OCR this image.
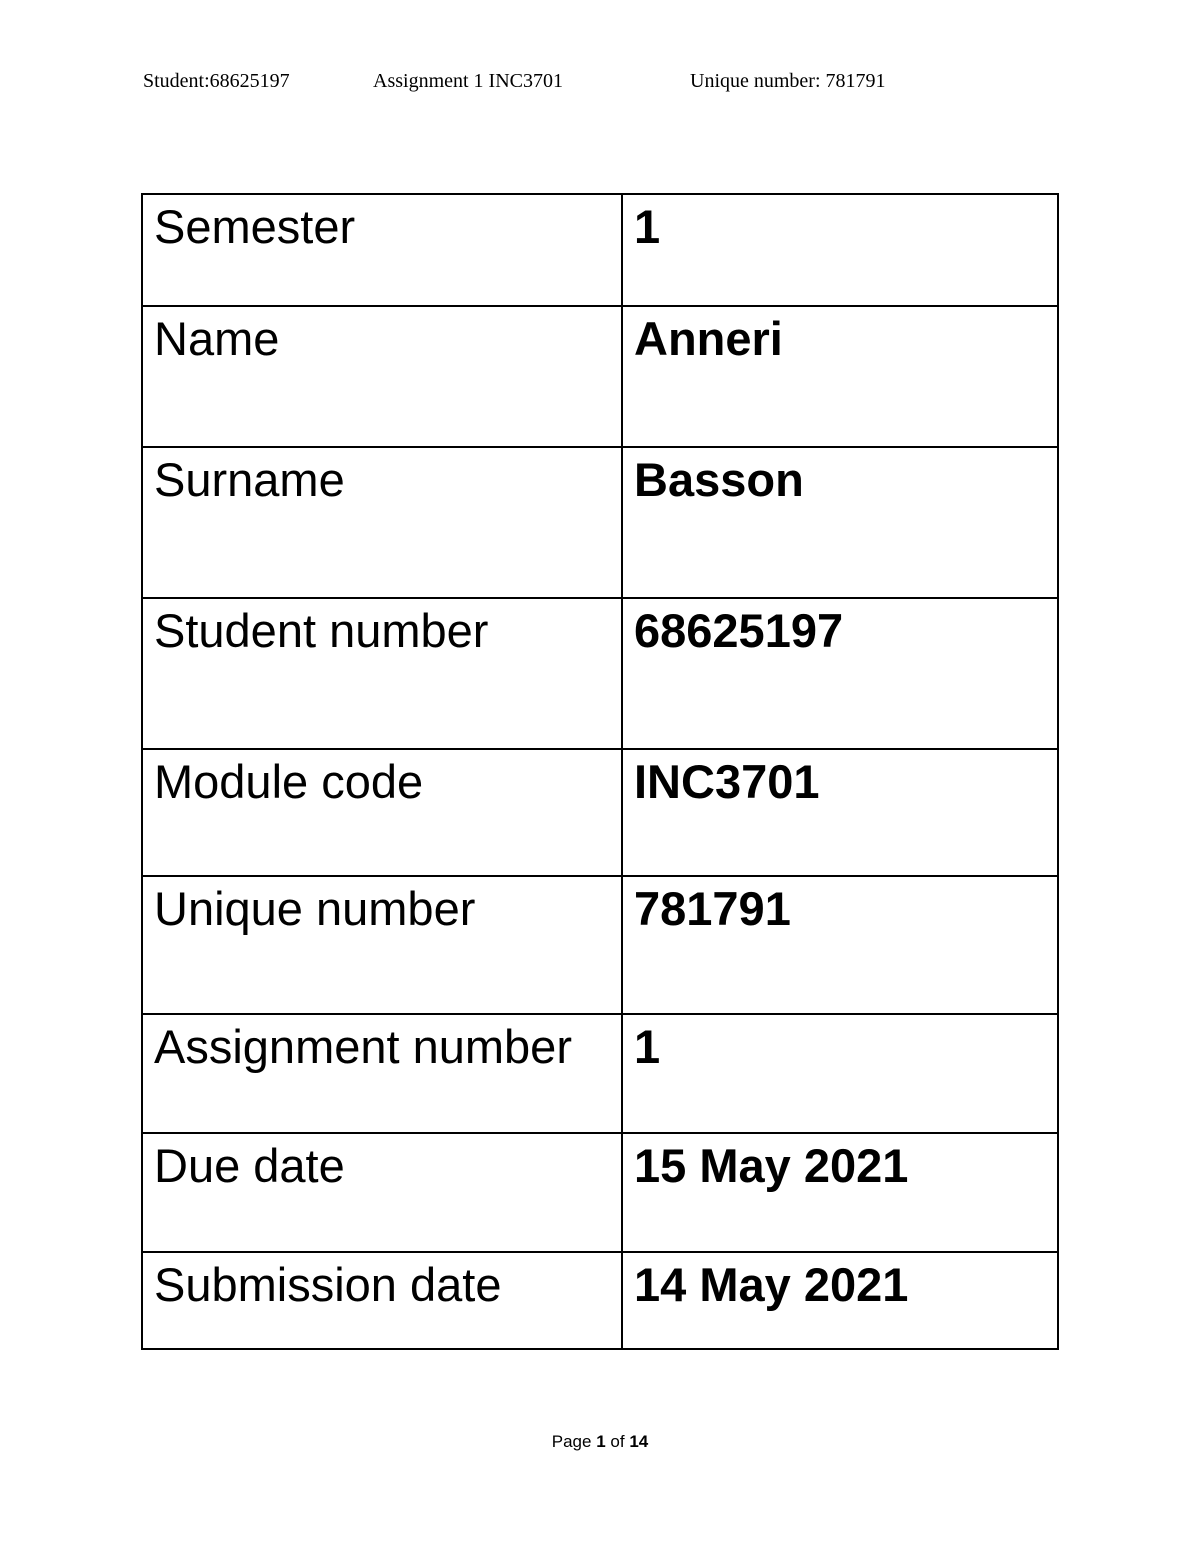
Student:68625197	Assignment 1 INC3701	Unique number: 781791
Semester	1
Name	Anneri
Surname	Basson
Student number	68625197
Module code	INC3701
Unique number	781791
Assignment number	1
Due date	15 May 2021
Submission date	14 May 2021
Page 1 of 14
